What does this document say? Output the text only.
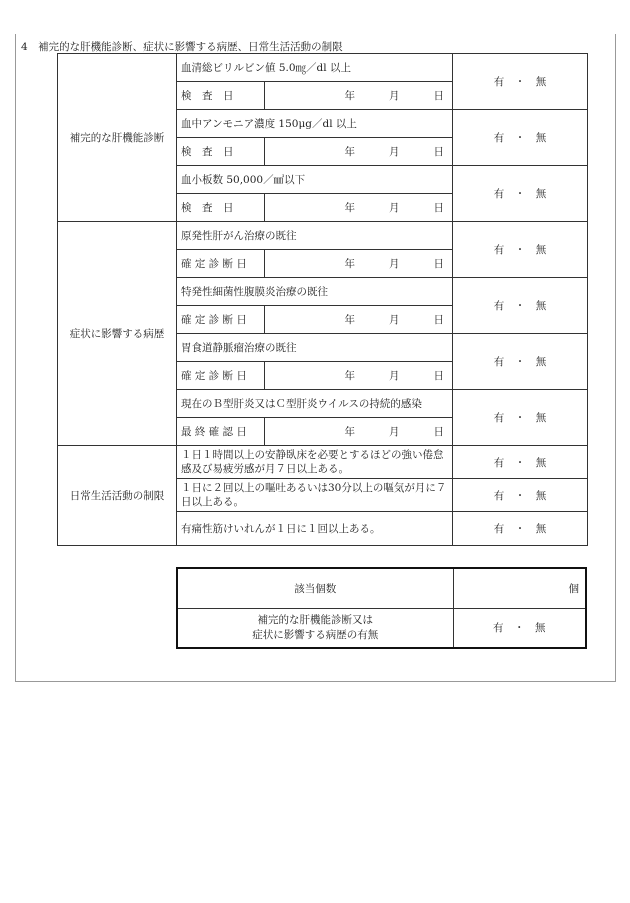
4　補完的な肝機能診断、症状に影響する病歴、日常生活活動の制限
補完的な肝機能診断	血清総ビリルビン値 5.0㎎／dl 以上		有　・　無
	検　査　日	年 月 日	
	血中アンモニア濃度 150μg／dl 以上		有　・　無
	検　査　日	年 月 日	
	血小板数 50,000／㎣以下		有　・　無
	検　査　日	年 月 日	
症状に影響する病歴	原発性肝がん治療の既往		有　・　無
	確 定 診 断 日	年 月 日	
	特発性細菌性腹膜炎治療の既往		有　・　無
	確 定 診 断 日	年 月 日	
	胃食道静脈瘤治療の既往		有　・　無
	確 定 診 断 日	年 月 日	
	現在のＢ型肝炎又はＣ型肝炎ウイルスの持続的感染		有　・　無
	最 終 確 認 日	年 月 日	
日常生活活動の制限	１日１時間以上の安静臥床を必要とするほどの強い倦怠感及び易疲労感が月７日以上ある。		有　・　無
	１日に２回以上の嘔吐あるいは30分以上の嘔気が月に７日以上ある。		有　・　無
	有痛性筋けいれんが１日に１回以上ある。		有　・　無
該当個数	個

補完的な肝機能診断又は
症状に影響する病歴の有無	有　・　無
